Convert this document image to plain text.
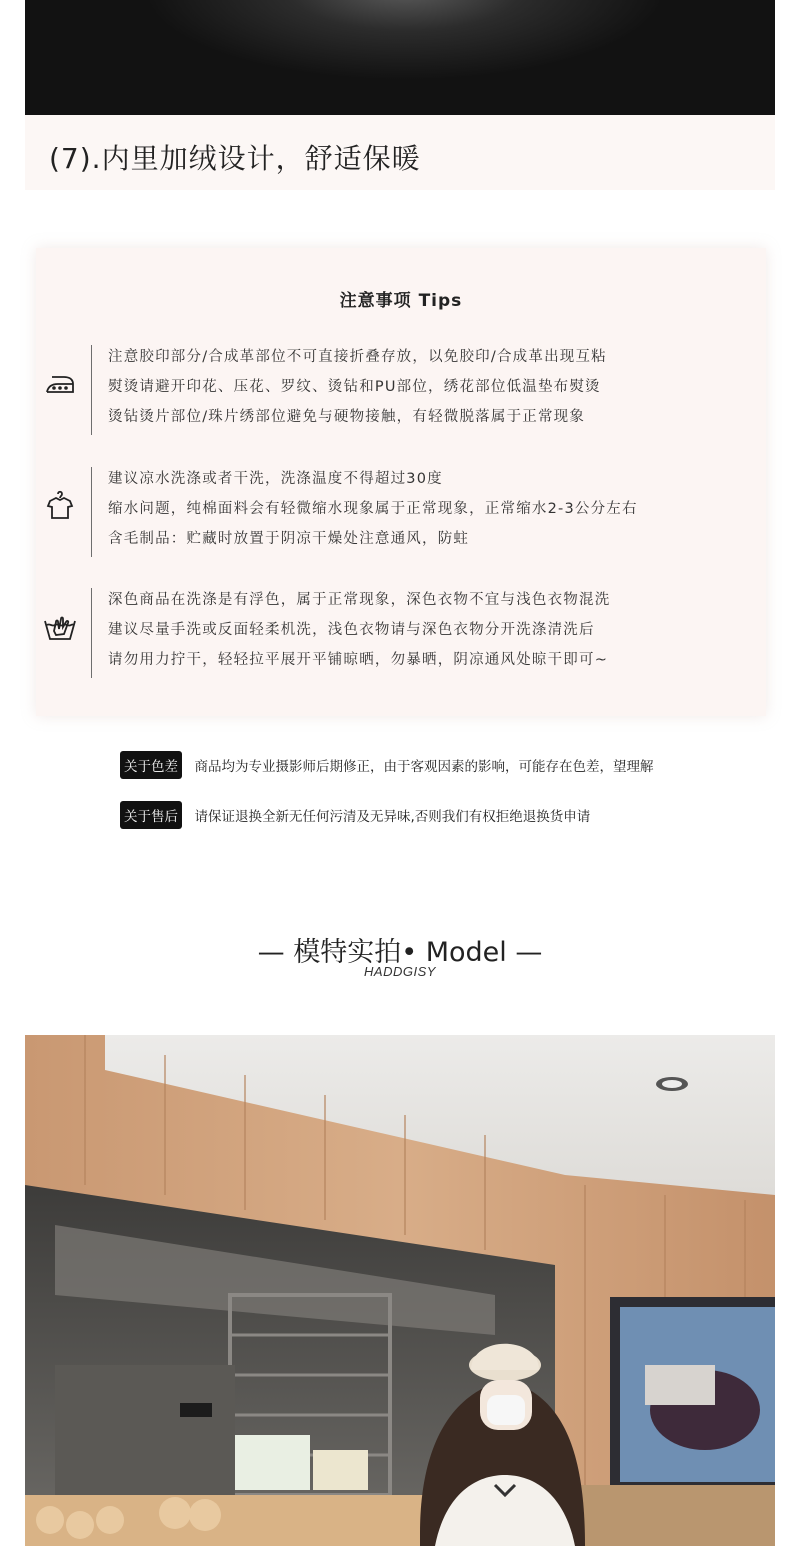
(7).内里加绒设计，舒适保暖
注意事项 Tips
注意胶印部分/合成革部位不可直接折叠存放，以免胶印/合成革出现互粘
熨烫请避开印花、压花、罗纹、烫钻和PU部位，绣花部位低温垫布熨烫
烫钻烫片部位/珠片绣部位避免与硬物接触，有轻微脱落属于正常现象
建议凉水洗涤或者干洗，洗涤温度不得超过30度
缩水问题，纯棉面料会有轻微缩水现象属于正常现象，正常缩水2-3公分左右
含毛制品：贮藏时放置于阴凉干燥处注意通风，防蛀
深色商品在洗涤是有浮色，属于正常现象，深色衣物不宜与浅色衣物混洗
建议尽量手洗或反面轻柔机洗，浅色衣物请与深色衣物分开洗涤清洗后
请勿用力拧干，轻轻拉平展开平铺晾晒，勿暴晒，阴凉通风处晾干即可~
关于色差 商品均为专业摄影师后期修正，由于客观因素的影响，可能存在色差，望理解
关于售后 请保证退换全新无任何污清及无异味,否则我们有权拒绝退换货申请
— 模特实拍• Model —
HADDGISY
